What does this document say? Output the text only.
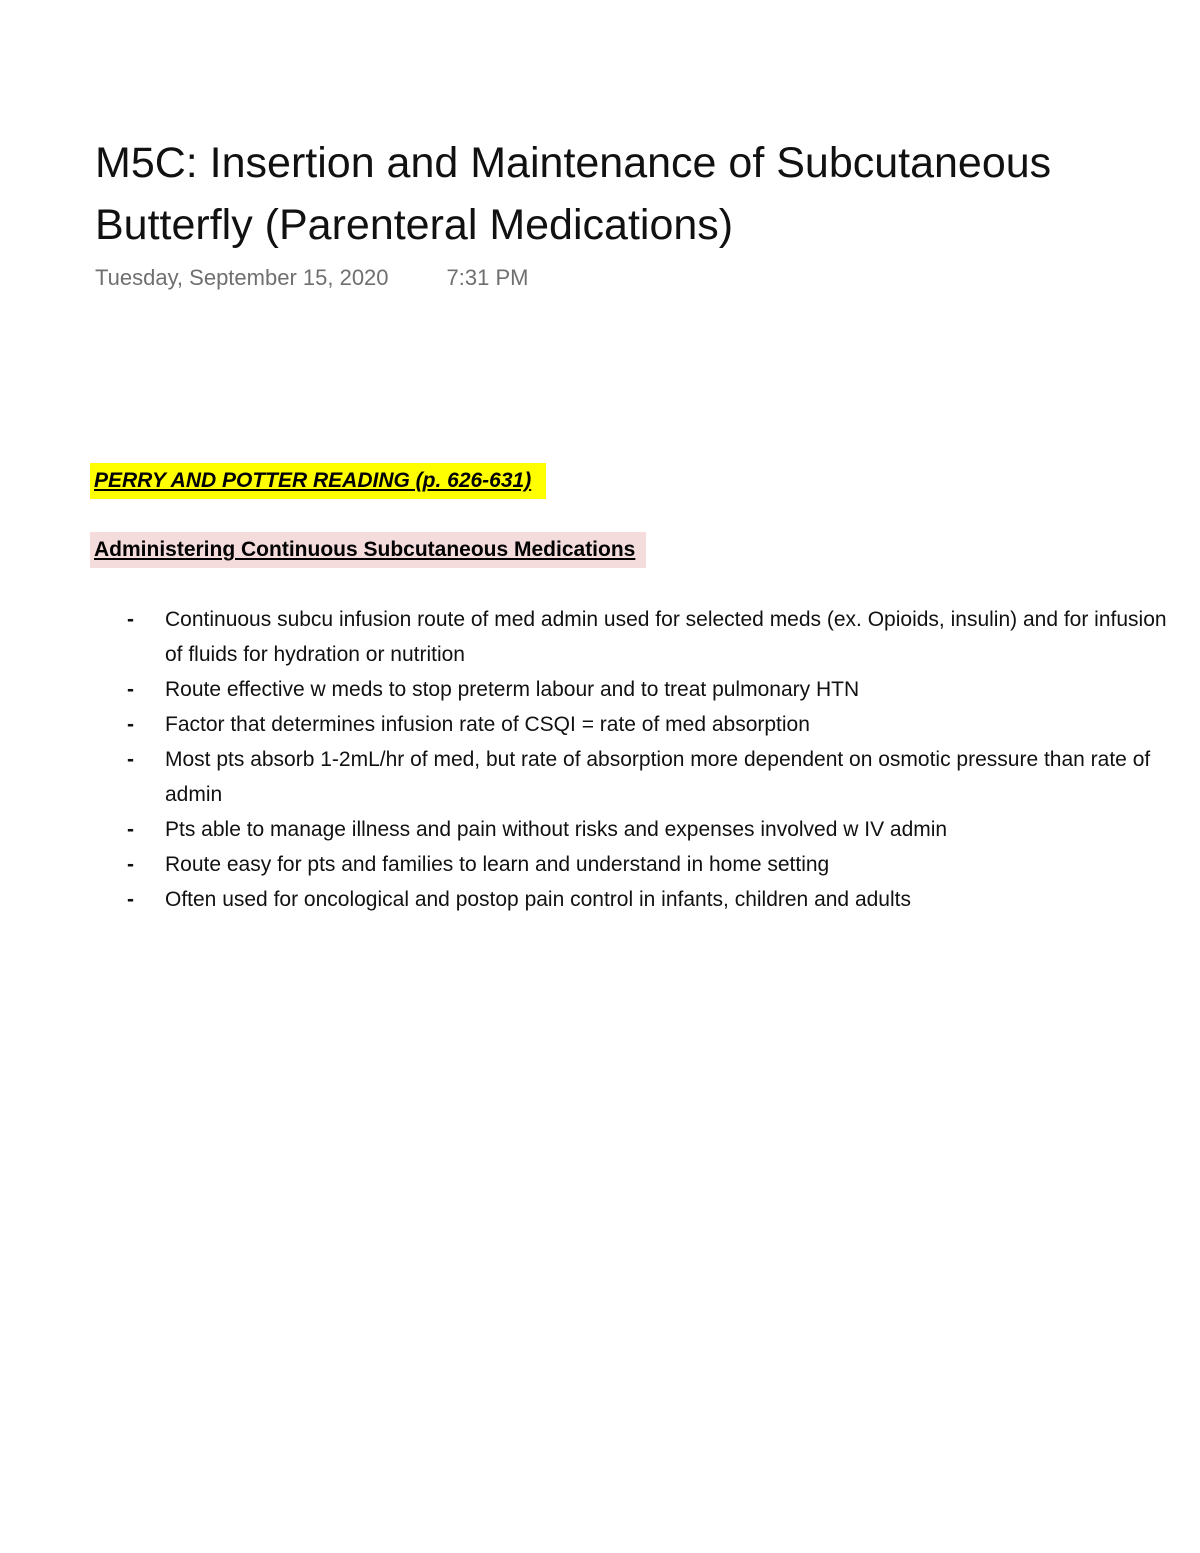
M5C: Insertion and Maintenance of Subcutaneous Butterfly (Parenteral Medications)
Tuesday, September 15, 2020	7:31 PM
PERRY AND POTTER READING (p. 626-631)
Administering Continuous Subcutaneous Medications
- Continuous subcu infusion route of med admin used for selected meds (ex. Opioids, insulin) and for infusion of fluids for hydration or nutrition
- Route effective w meds to stop preterm labour and to treat pulmonary HTN
- Factor that determines infusion rate of CSQI = rate of med absorption
- Most pts absorb 1-2mL/hr of med, but rate of absorption more dependent on osmotic pressure than rate of admin
- Pts able to manage illness and pain without risks and expenses involved w IV admin
- Route easy for pts and families to learn and understand in home setting
- Often used for oncological and postop pain control in infants, children and adults
